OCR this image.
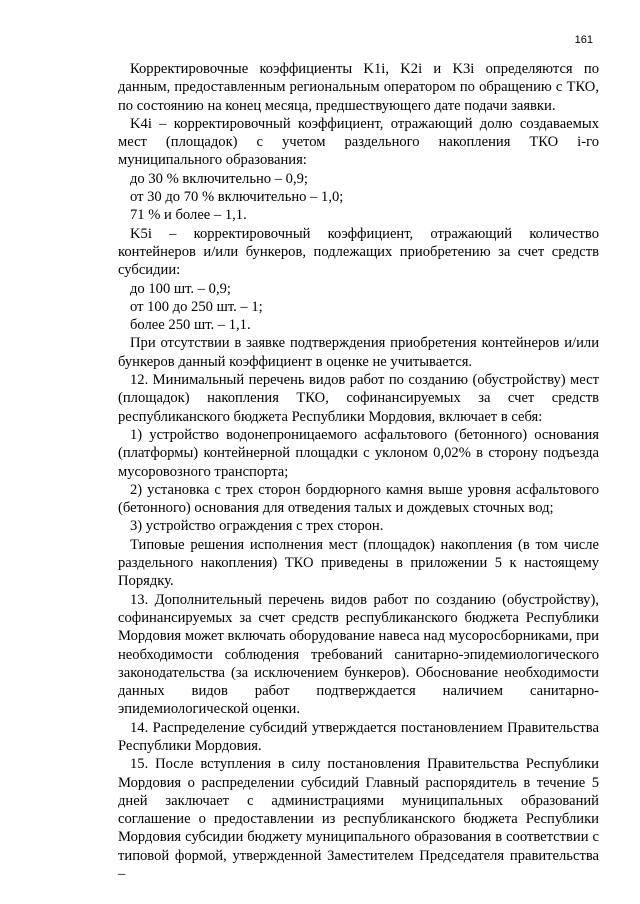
161

Корректировочные коэффициенты K1i, K2i и K3i определяются по данным, предоставленным региональным оператором по обращению с ТКО, по состоянию на конец месяца, предшествующего дате подачи заявки.

K4i – корректировочный коэффициент, отражающий долю создаваемых мест (площадок) с учетом раздельного накопления ТКО i-го муниципального образования:

до 30 % включительно – 0,9;

от 30 до 70 % включительно – 1,0;

71 % и более – 1,1.

K5i – корректировочный коэффициент, отражающий количество контейнеров и/или бункеров, подлежащих приобретению за счет средств субсидии:

до 100 шт. – 0,9;

от 100 до 250 шт. – 1;

более 250 шт. – 1,1.

При отсутствии в заявке подтверждения приобретения контейнеров и/или бункеров данный коэффициент в оценке не учитывается.

12. Минимальный перечень видов работ по созданию (обустройству) мест (площадок) накопления ТКО, софинансируемых за счет средств республиканского бюджета Республики Мордовия, включает в себя:

1) устройство водонепроницаемого асфальтового (бетонного) основания (платформы) контейнерной площадки с уклоном 0,02% в сторону подъезда мусоровозного транспорта;

2) установка с трех сторон бордюрного камня выше уровня асфальтового (бетонного) основания для отведения талых и дождевых сточных вод;

3) устройство ограждения с трех сторон.

Типовые решения исполнения мест (площадок) накопления (в том числе раздельного накопления) ТКО приведены в приложении 5 к настоящему Порядку.

13. Дополнительный перечень видов работ по созданию (обустройству), софинансируемых за счет средств республиканского бюджета Республики Мордовия может включать оборудование навеса над мусоросборниками, при необходимости соблюдения требований санитарно-эпидемиологического законодательства (за исключением бункеров). Обоснование необходимости данных видов работ подтверждается наличием санитарно-эпидемиологической оценки.

14. Распределение субсидий утверждается постановлением Правительства Республики Мордовия.

15. После вступления в силу постановления Правительства Республики Мордовия о распределении субсидий Главный распорядитель в течение 5 дней заключает с администрациями муниципальных образований соглашение о предоставлении из республиканского бюджета Республики Мордовия субсидии бюджету муниципального образования в соответствии с типовой формой, утвержденной Заместителем Председателя правительства –
